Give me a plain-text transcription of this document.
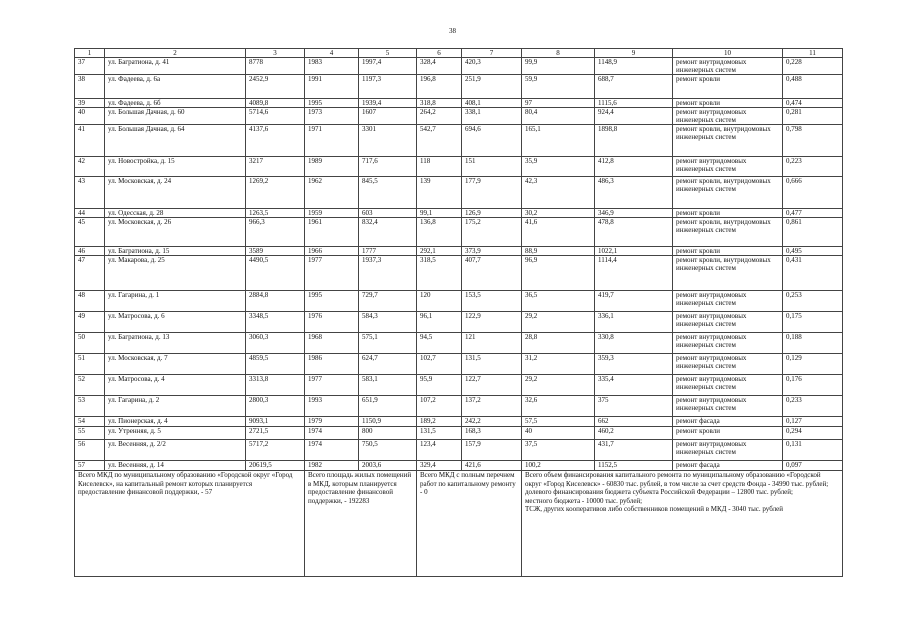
38
1	2	3	4	5	6	7	8	9	10	11
37	ул. Багратиона, д. 41	8778	1983	1997,4	328,4	420,3	99,9	1148,9	ремонт внутридомовых инженерных систем	0,228
38	ул. Фадеева, д. 6а	2452,9	1991	1197,3	196,8	251,9	59,9	688,7	ремонт кровли	0,488
39	ул. Фадеева, д. 6б	4089,8	1995	1939,4	318,8	408,1	97	1115,6	ремонт кровли	0,474
40	ул. Большая Дачная, д. 60	5714,6	1973	1607	264,2	338,1	80,4	924,4	ремонт внутридомовых инженерных систем	0,281
41	ул. Большая Дачная, д. 64	4137,6	1971	3301	542,7	694,6	165,1	1898,8	ремонт кровли, внутридомовых инженерных систем	0,798
42	ул. Новостройка, д. 15	3217	1989	717,6	118	151	35,9	412,8	ремонт внутридомовых инженерных систем	0,223
43	ул. Московская, д. 24	1269,2	1962	845,5	139	177,9	42,3	486,3	ремонт кровли, внутридомовых инженерных систем	0,666
44	ул. Одесская, д. 28	1263,5	1959	603	99,1	126,9	30,2	346,9	ремонт кровли	0,477
45	ул. Московская, д. 26	966,3	1961	832,4	136,8	175,2	41,6	478,8	ремонт кровли, внутридомовых инженерных систем	0,861
46	ул. Багратиона, д. 15	3589	1966	1777	292,1	373,9	88,9	1022,1	ремонт кровли	0,495
47	ул. Макарова, д. 25	4490,5	1977	1937,3	318,5	407,7	96,9	1114,4	ремонт кровли, внутридомовых инженерных систем	0,431
48	ул. Гагарина, д. 1	2884,8	1995	729,7	120	153,5	36,5	419,7	ремонт внутридомовых инженерных систем	0,253
49	ул. Матросова, д. 6	3348,5	1976	584,3	96,1	122,9	29,2	336,1	ремонт внутридомовых инженерных систем	0,175
50	ул. Багратиона, д. 13	3060,3	1968	575,1	94,5	121	28,8	330,8	ремонт внутридомовых инженерных систем	0,188
51	ул. Московская, д. 7	4859,5	1986	624,7	102,7	131,5	31,2	359,3	ремонт внутридомовых инженерных систем	0,129
52	ул. Матросова, д. 4	3313,8	1977	583,1	95,9	122,7	29,2	335,4	ремонт внутридомовых инженерных систем	0,176
53	ул. Гагарина, д. 2	2800,3	1993	651,9	107,2	137,2	32,6	375	ремонт внутридомовых инженерных систем	0,233
54	ул. Пионерская, д. 4	9093,1	1979	1150,9	189,2	242,2	57,5	662	ремонт фасада	0,127
55	ул. Утренняя, д. 5	2721,5	1974	800	131,5	168,3	40	460,2	ремонт кровли	0,294
56	ул. Весенняя, д. 2/2	5717,2	1974	750,5	123,4	157,9	37,5	431,7	ремонт внутридомовых инженерных систем	0,131
57	ул. Весенняя, д. 14	20619,5	1982	2003,6	329,4	421,6	100,2	1152,5	ремонт фасада	0,097
Всего МКД по муниципальному образованию «Городской округ «Город Киселевск», на капитальный ремонт которых планируется предоставление финансовой поддержки, - 57			Всего площадь жилых помещений в МКД, которым планируется предоставление финансовой поддержки, - 192283		Всего МКД с полным перечнем работ по капитальному ремонту - 0		Всего объем финансирования капитального ремонта по муниципальному образованию «Городской округ «Город Киселевск» - 60830 тыс. рублей, в том числе за счет средств Фонда - 34990 тыс. рублей;
долевого финансирования бюджета субъекта Российской Федерации – 12800 тыс. рублей;
местного бюджета - 10000 тыс. рублей;
ТСЖ, других кооперативов либо собственников помещений в МКД - 3040 тыс. рублей			
